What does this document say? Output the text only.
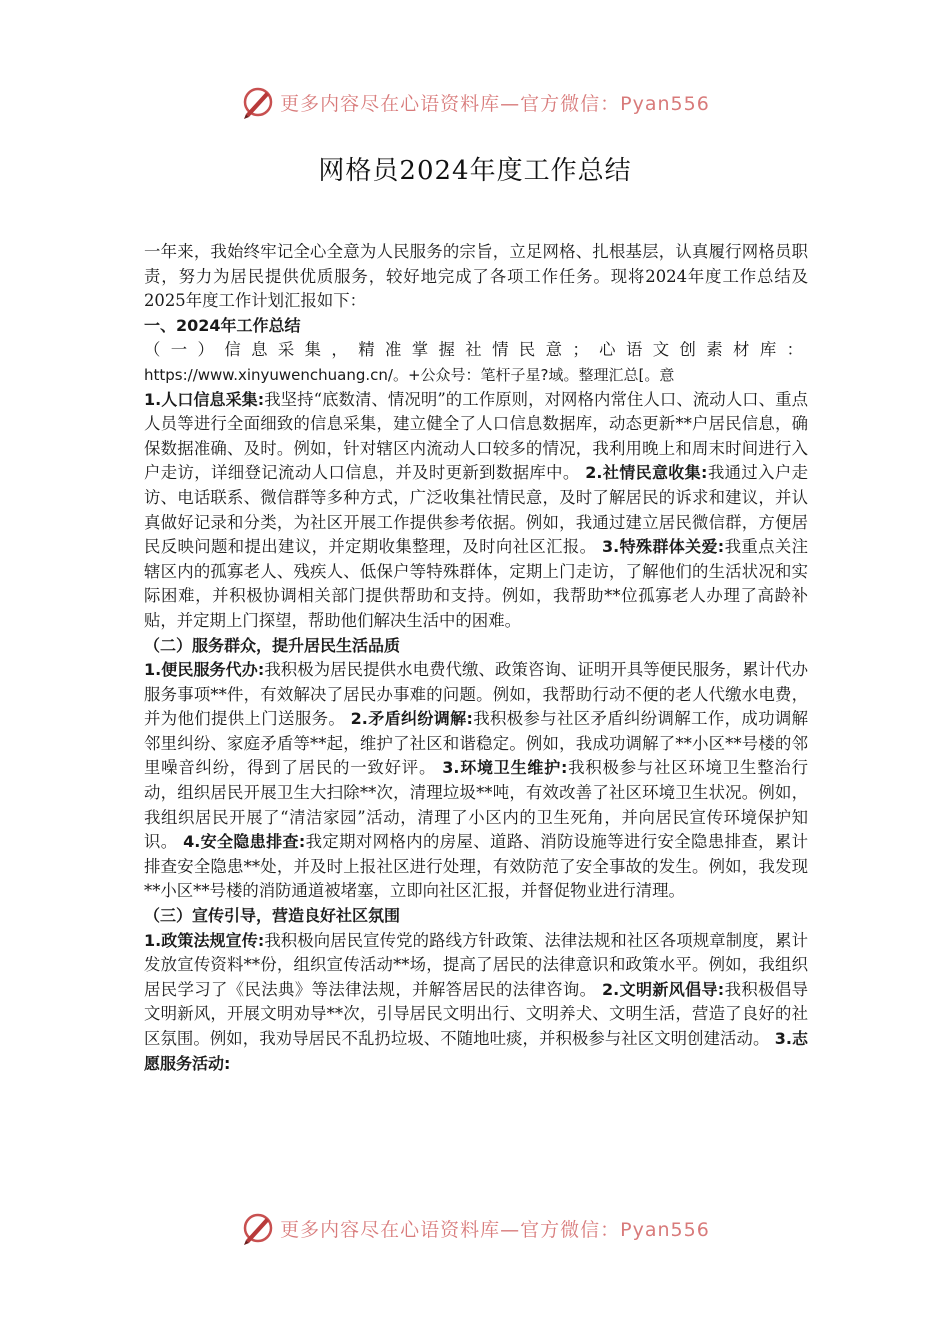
更多内容尽在心语资料库—官方微信：Pyan556
网格员2024年度工作总结

一年来，我始终牢记全心全意为人民服务的宗旨，立足网格、扎根基层，认真履行网格员职责，努力为居民提供优质服务，较好地完成了各项工作任务。现将2024年度工作总结及2025年度工作计划汇报如下：

一、2024年工作总结

（一）信息采集，精准掌握社情民意；心语文创素材库： https://www.xinyuwenchuang.cn/。+公众号：笔杆子星?域。整理汇总[。意

1.人口信息采集:我坚持“底数清、情况明”的工作原则，对网格内常住人口、流动人口、重点人员等进行全面细致的信息采集，建立健全了人口信息数据库，动态更新**户居民信息，确保数据准确、及时。例如，针对辖区内流动人口较多的情况，我利用晚上和周末时间进行入户走访，详细登记流动人口信息，并及时更新到数据库中。 2.社情民意收集:我通过入户走访、电话联系、微信群等多种方式，广泛收集社情民意，及时了解居民的诉求和建议，并认真做好记录和分类，为社区开展工作提供参考依据。例如，我通过建立居民微信群，方便居民反映问题和提出建议，并定期收集整理，及时向社区汇报。 3.特殊群体关爱:我重点关注辖区内的孤寡老人、残疾人、低保户等特殊群体，定期上门走访，了解他们的生活状况和实际困难，并积极协调相关部门提供帮助和支持。例如，我帮助**位孤寡老人办理了高龄补贴，并定期上门探望，帮助他们解决生活中的困难。

（二）服务群众，提升居民生活品质

1.便民服务代办:我积极为居民提供水电费代缴、政策咨询、证明开具等便民服务，累计代办服务事项**件，有效解决了居民办事难的问题。例如，我帮助行动不便的老人代缴水电费，并为他们提供上门送服务。 2.矛盾纠纷调解:我积极参与社区矛盾纠纷调解工作，成功调解邻里纠纷、家庭矛盾等**起，维护了社区和谐稳定。例如，我成功调解了**小区**号楼的邻里噪音纠纷，得到了居民的一致好评。 3.环境卫生维护:我积极参与社区环境卫生整治行动，组织居民开展卫生大扫除**次，清理垃圾**吨，有效改善了社区环境卫生状况。例如，我组织居民开展了“清洁家园”活动，清理了小区内的卫生死角，并向居民宣传环境保护知识。 4.安全隐患排查:我定期对网格内的房屋、道路、消防设施等进行安全隐患排查，累计排查安全隐患**处，并及时上报社区进行处理，有效防范了安全事故的发生。例如，我发现**小区**号楼的消防通道被堵塞，立即向社区汇报，并督促物业进行清理。

（三）宣传引导，营造良好社区氛围

1.政策法规宣传:我积极向居民宣传党的路线方针政策、法律法规和社区各项规章制度，累计发放宣传资料**份，组织宣传活动**场，提高了居民的法律意识和政策水平。例如，我组织居民学习了《民法典》等法律法规，并解答居民的法律咨询。 2.文明新风倡导:我积极倡导文明新风，开展文明劝导**次，引导居民文明出行、文明养犬、文明生活，营造了良好的社区氛围。例如，我劝导居民不乱扔垃圾、不随地吐痰，并积极参与社区文明创建活动。 3.志愿服务活动:

更多内容尽在心语资料库—官方微信：Pyan556
